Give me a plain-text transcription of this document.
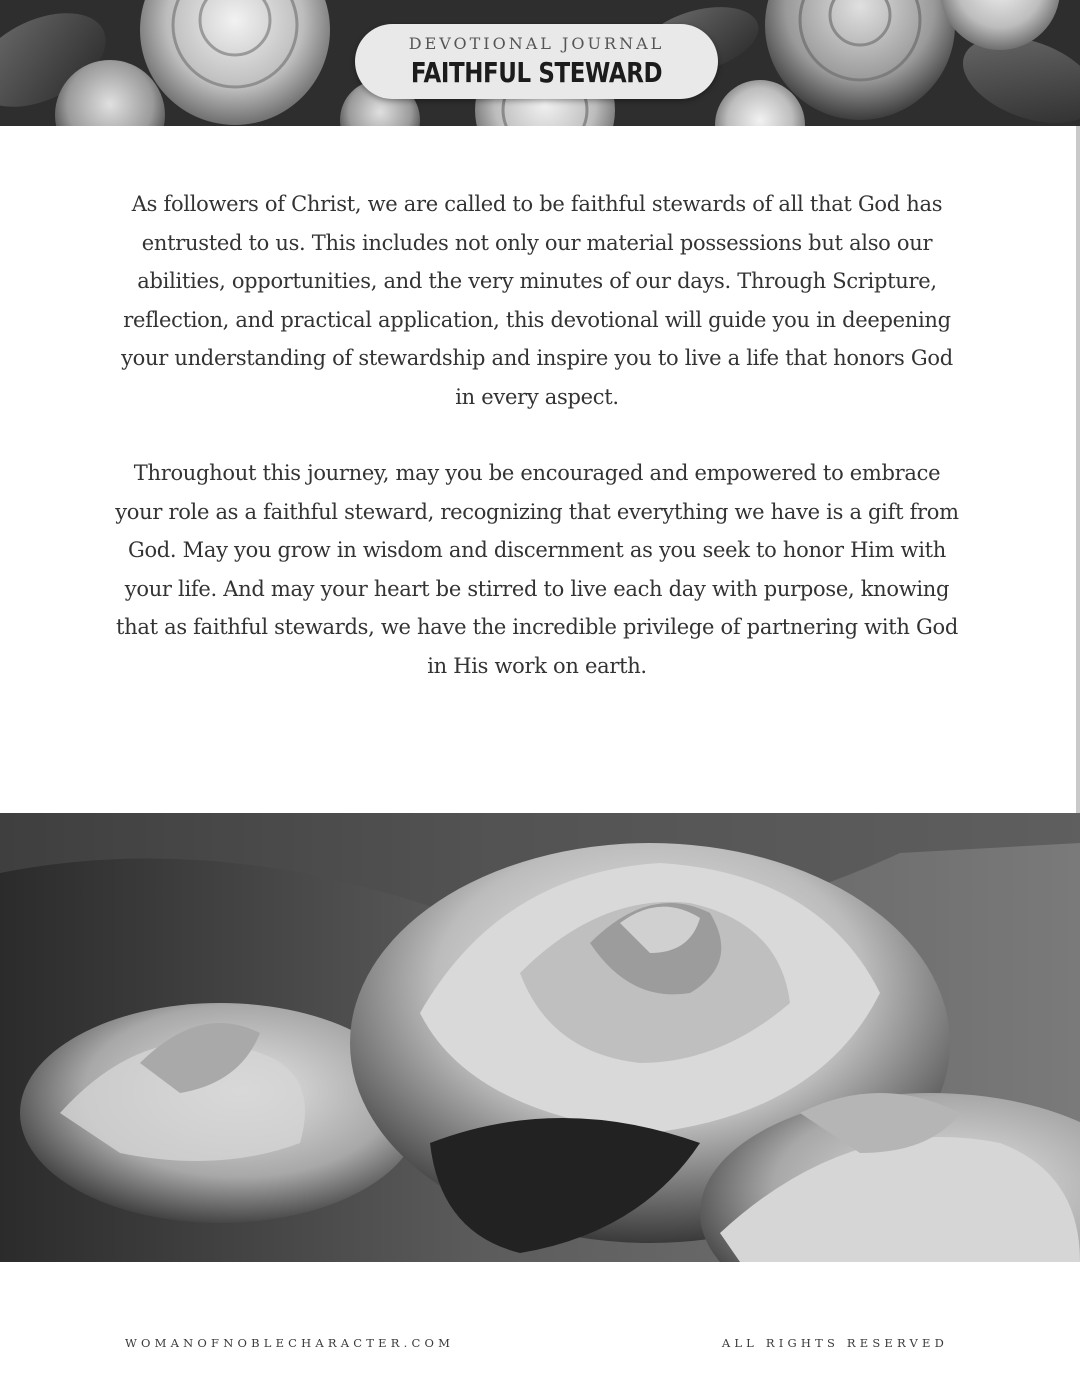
DEVOTIONAL JOURNAL
FAITHFUL STEWARD

As followers of Christ, we are called to be faithful stewards of all that God has entrusted to us. This includes not only our material possessions but also our abilities, opportunities, and the very minutes of our days. Through Scripture, reflection, and practical application, this devotional will guide you in deepening your understanding of stewardship and inspire you to live a life that honors God in every aspect.

Throughout this journey, may you be encouraged and empowered to embrace your role as a faithful steward, recognizing that everything we have is a gift from God. May you grow in wisdom and discernment as you seek to honor Him with your life. And may your heart be stirred to live each day with purpose, knowing that as faithful stewards, we have the incredible privilege of partnering with God in His work on earth.

WOMANOFNOBLECHARACTER.COM	ALL RIGHTS RESERVED
